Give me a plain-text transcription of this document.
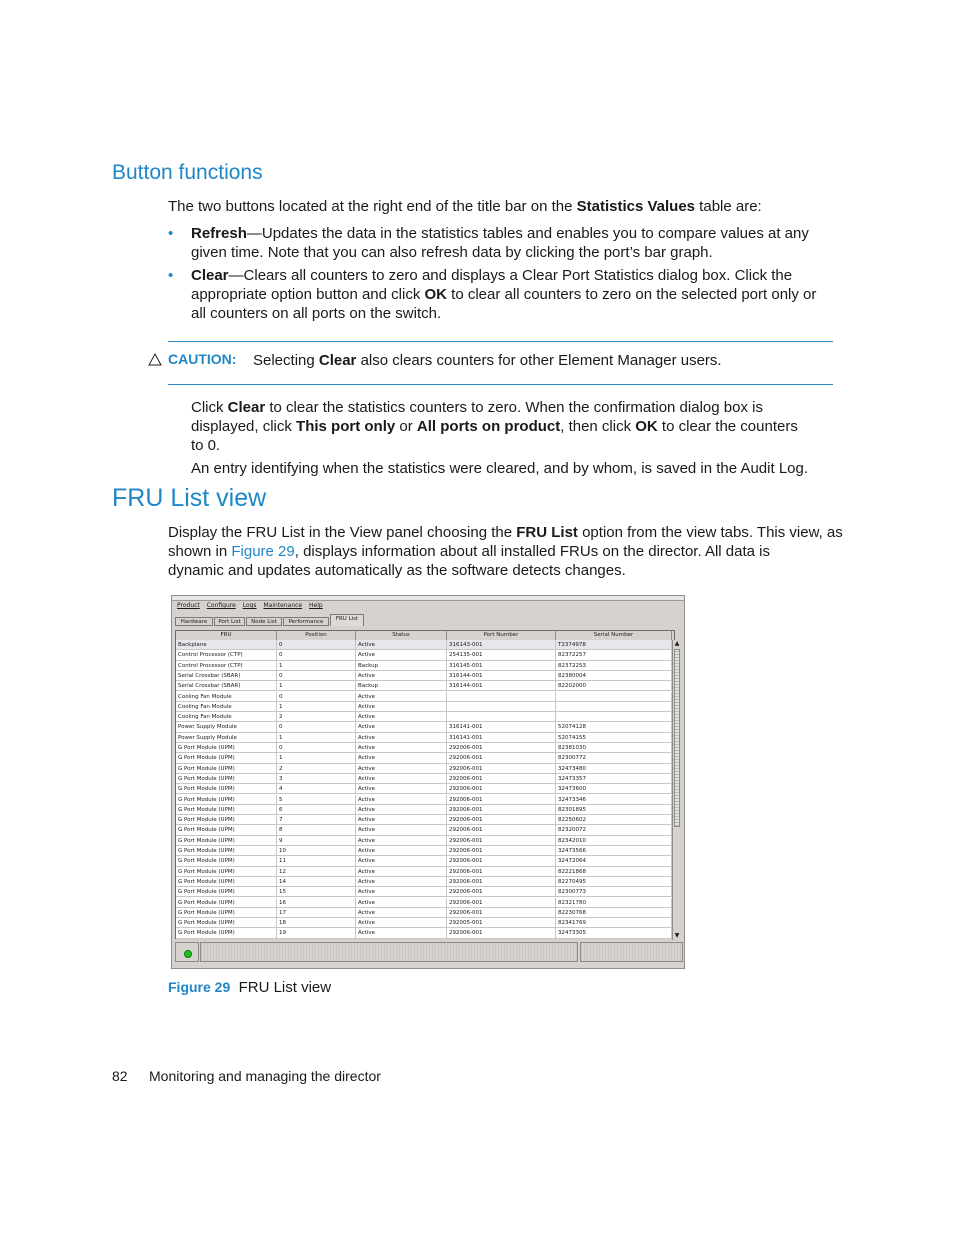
Button functions
The two buttons located at the right end of the title bar on the Statistics Values table are:
• Refresh—Updates the data in the statistics tables and enables you to compare values at any
given time. Note that you can also refresh data by clicking the port’s bar graph.
• Clear—Clears all counters to zero and displays a Clear Port Statistics dialog box. Click the
appropriate option button and click OK to clear all counters to zero on the selected port only or
all counters on all ports on the switch.
CAUTION: Selecting Clear also clears counters for other Element Manager users.
Click Clear to clear the statistics counters to zero. When the confirmation dialog box is
displayed, click This port only or All ports on product, then click OK to clear the counters
to 0.
An entry identifying when the statistics were cleared, and by whom, is saved in the Audit Log.
FRU List view
Display the FRU List in the View panel choosing the FRU List option from the view tabs. This view, as
shown in Figure 29, displays information about all installed FRUs on the director. All data is
dynamic and updates automatically as the software detects changes.
Product Configure Logs Maintenance Help
Hardware	Port List	Node List	Performance	FRU List
FRU	Position	Status	Port Number	Serial Number
Backplane	0	Active	316143-001	T2374978
Control Processor (CTP)	0	Active	254135-001	82372257
Control Processor (CTP)	1	Backup	316145-001	82372253
Serial Crossbar (SBAR)	0	Active	316144-001	82380004
Serial Crossbar (SBAR)	1	Backup	316144-001	82202000
Cooling Fan Module	0	Active
Cooling Fan Module	1	Active
Cooling Fan Module	2	Active
Power Supply Module	0	Active	316141-001	52074128
Power Supply Module	1	Active	316141-001	52074155
G Port Module (UPM)	0	Active	292006-001	82381030
G Port Module (UPM)	1	Active	292006-001	82300772
G Port Module (UPM)	2	Active	292006-001	32473480
G Port Module (UPM)	3	Active	292006-001	32473357
G Port Module (UPM)	4	Active	292006-001	32473600
G Port Module (UPM)	5	Active	292006-001	32473346
G Port Module (UPM)	6	Active	292006-001	82301895
G Port Module (UPM)	7	Active	292006-001	82250602
G Port Module (UPM)	8	Active	292006-001	82320072
G Port Module (UPM)	9	Active	292006-001	82342010
G Port Module (UPM)	10	Active	292006-001	32473566
G Port Module (UPM)	11	Active	292006-001	32472064
G Port Module (UPM)	12	Active	292006-001	82221868
G Port Module (UPM)	14	Active	292006-001	82270495
G Port Module (UPM)	15	Active	292006-001	82300773
G Port Module (UPM)	16	Active	292006-001	82321780
G Port Module (UPM)	17	Active	292006-001	82230768
G Port Module (UPM)	18	Active	292005-001	82341769
G Port Module (UPM)	19	Active	292006-001	32473305
▲
▼
Figure 29 FRU List view
82 Monitoring and managing the director
